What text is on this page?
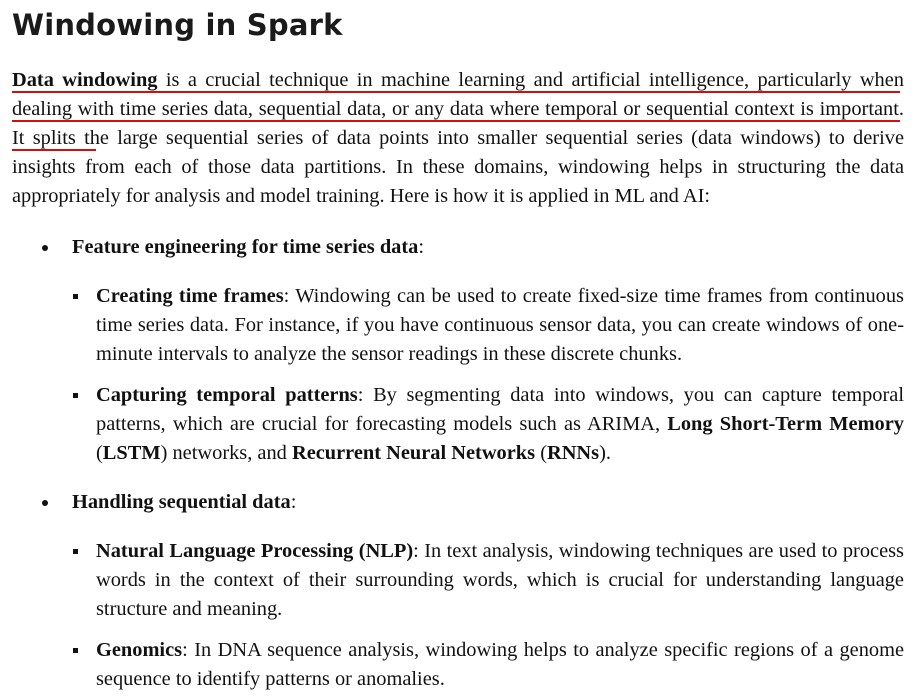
Windowing in Spark

Data windowing is a crucial technique in machine learning and artificial intelligence, particularly when dealing with time series data, sequential data, or any data where temporal or sequential context is important. It splits the large sequential series of data points into smaller sequential series (data windows) to derive insights from each of those data partitions. In these domains, windowing helps in structuring the data appropriately for analysis and model training. Here is how it is applied in ML and AI:

Feature engineering for time series data:
Creating time frames: Windowing can be used to create fixed-size time frames from continuous time series data. For instance, if you have continuous sensor data, you can create windows of one-minute intervals to analyze the sensor readings in these discrete chunks.
Capturing temporal patterns: By segmenting data into windows, you can capture temporal patterns, which are crucial for forecasting models such as ARIMA, Long Short-Term Memory (LSTM) networks, and Recurrent Neural Networks (RNNs).
Handling sequential data:
Natural Language Processing (NLP): In text analysis, windowing techniques are used to process words in the context of their surrounding words, which is crucial for understanding language structure and meaning.
Genomics: In DNA sequence analysis, windowing helps to analyze specific regions of a genome sequence to identify patterns or anomalies.
